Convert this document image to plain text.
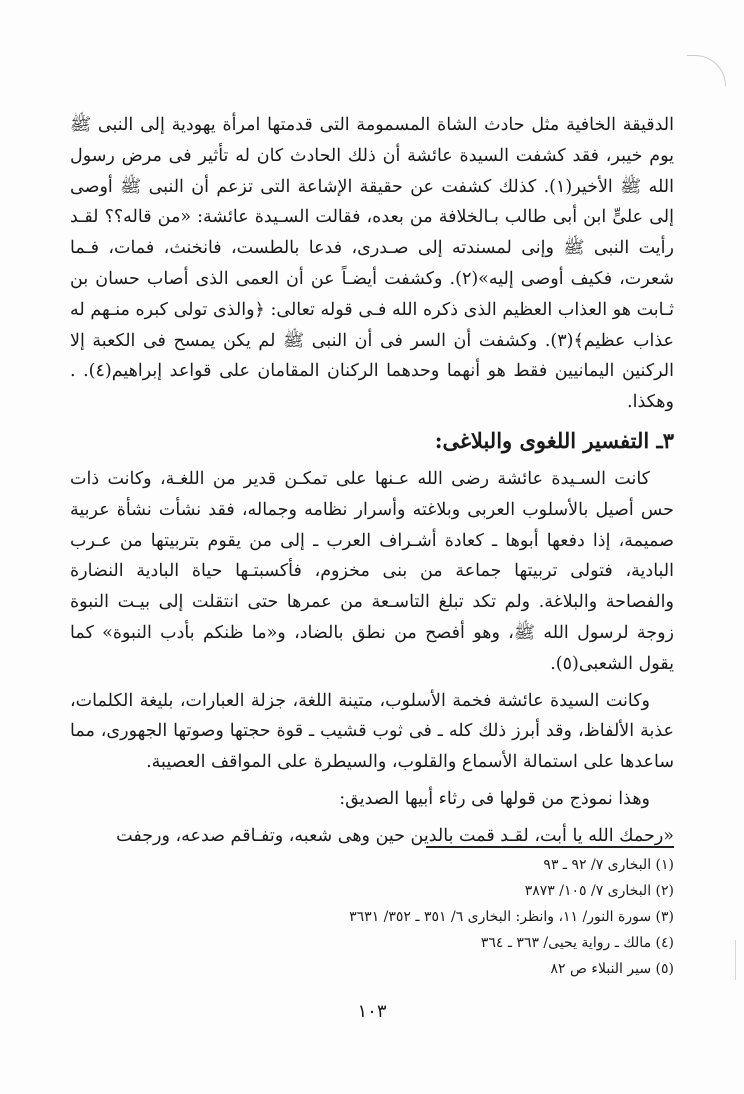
الدقيقة الخافية مثل حادث الشاة المسمومة التى قدمتها امرأة يهودية إلى النبى ﷺ يوم خيبر، فقد كشفت السيدة عائشة أن ذلك الحادث كان له تأثير فى مرض رسول الله ﷺ الأخير(١). كذلك كشفت عن حقيقة الإشاعة التى تزعم أن النبى ﷺ أوصى إلى علىٍّ ابن أبى طالب بـالخلافة من بعده، فقالت السـيدة عائشة: «من قاله؟؟ لقـد رأيت النبى ﷺ وإنى لمسندته إلى صـدرى، فدعا بالطست، فانخنث، فمات، فـما شعرت، فكيف أوصى إليه»(٢). وكشفت أيضـاً عن أن العمى الذى أصاب حسان بن ثـابت هو العذاب العظيم الذى ذكره الله فـى قوله تعالى: ﴿والذى تولى كبره منـهم له عذاب عظيم﴾(٣). وكشفت أن السر فى أن النبى ﷺ لم يكن يمسح فى الكعبة إلا الركنين اليمانيين فقط هو أنهما وحدهما الركنان المقامان على قواعد إبراهيم(٤). . وهكذا.

٣ـ التفسير اللغوى والبلاغى:

كانت السـيدة عائشة رضى الله عـنها على تمكـن قدير من اللغـة، وكانت ذات حس أصيل بالأسلوب العربى وبلاغته وأسرار نظامه وجماله، فقد نشأت نشأة عربية صميمة، إذا دفعها أبوها ـ كعادة أشـراف العرب ـ إلى من يقوم بتربيتها من عـرب البادية، فتولى تربيتها جماعة من بنى مخزوم، فأكسبتـها حياة البادية النضارة والفصاحة والبلاغة. ولم تكد تبلغ التاسـعة من عمرها حتى انتقلت إلى بيـت النبوة زوجة لرسول الله ﷺ، وهو أفصح من نطق بالضاد، و«ما ظنكم بأدب النبوة» كما يقول الشعبى(٥).

وكانت السيدة عائشة فخمة الأسلوب، متينة اللغة، جزلة العبارات، بليغة الكلمات، عذبة الألفاظ، وقد أبرز ذلك كله ـ فى ثوب قشيب ـ قوة حجتها وصوتها الجهورى، مما ساعدها على استمالة الأسماع والقلوب، والسيطرة على المواقف العصيبة.

وهذا نموذج من قولها فى رثاء أبيها الصديق:

«رحمك الله يا أبت، لقـد قمت بالدين حين وهى شعبه، وتفـاقم صدعه، ورجفت

(١) البخارى ٧/ ٩٢ ـ ٩٣
(٢) البخارى ٧/ ١٠٥/ ٣٨٧٣
(٣) سورة النور/ ١١، وانظر: البخارى ٦/ ٣٥١ ـ ٣٥٢/ ٣٦٣١
(٤) مالك ـ رواية يحيى/ ٣٦٣ ـ ٣٦٤
(٥) سير النبلاء ص ٨٢
١٠٣
